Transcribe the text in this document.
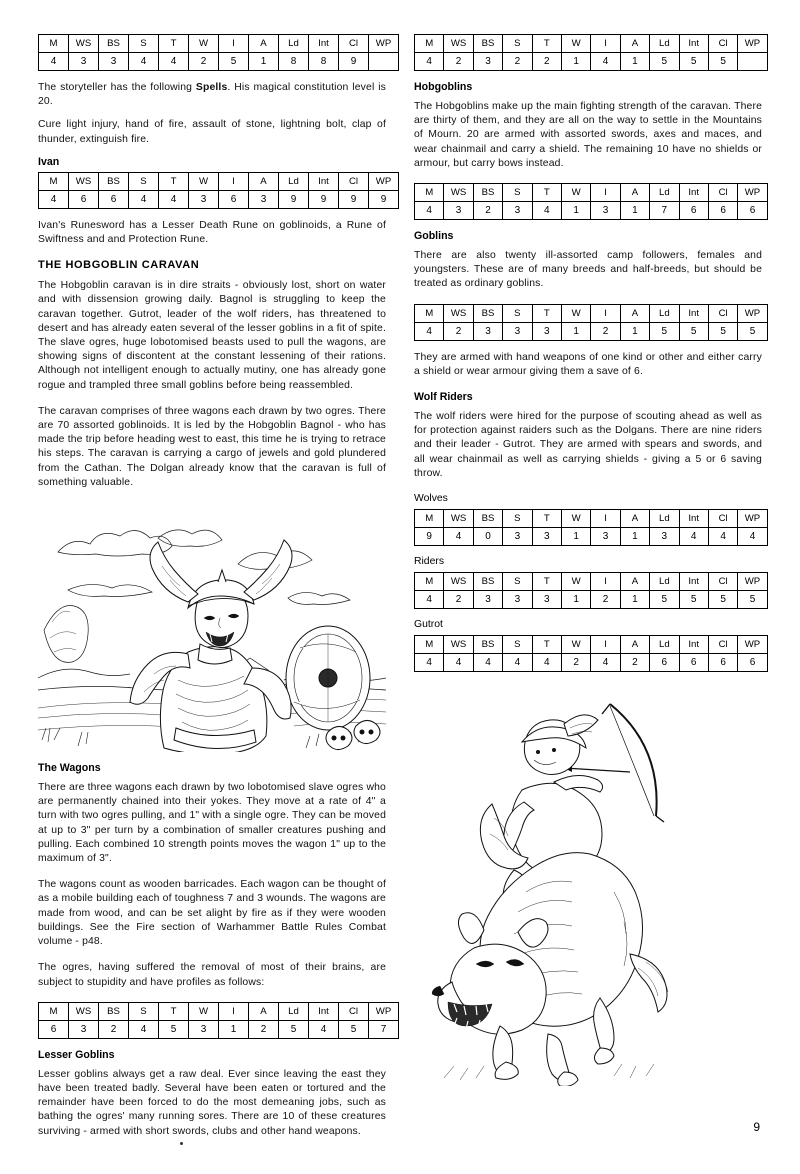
M	WS	BS	S	T	W	I	A	Ld	Int	Cl	WP
4	3	3	4	4	2	5	1	8	8	9	

The storyteller has the following Spells. His magical constitution level is 20.

Cure light injury, hand of fire, assault of stone, lightning bolt, clap of thunder, extinguish fire.

Ivan
M	WS	BS	S	T	W	I	A	Ld	Int	Cl	WP
4	6	6	4	4	3	6	3	9	9	9	9

Ivan's Runesword has a Lesser Death Rune on goblinoids, a Rune of Swiftness and and Protection Rune.

THE HOBGOBLIN CARAVAN

The Hobgoblin caravan is in dire straits - obviously lost, short on water and with dissension growing daily. Bagnol is struggling to keep the caravan together. Gutrot, leader of the wolf riders, has threatened to desert and has already eaten several of the lesser goblins in a fit of spite. The slave ogres, huge lobotomised beasts used to pull the wagons, are showing signs of discontent at the constant lessening of their rations. Although not intelligent enough to actually mutiny, one has already gone rogue and trampled three small goblins before being reassembled.

The caravan comprises of three wagons each drawn by two ogres. There are 70 assorted goblinoids. It is led by the Hobgoblin Bagnol - who has made the trip before heading west to east, this time he is trying to retrace his steps. The caravan is carrying a cargo of jewels and gold plundered from the Cathan. The Dolgan already know that the caravan is full of something valuable.

The Wagons

There are three wagons each drawn by two lobotomised slave ogres who are permanently chained into their yokes. They move at a rate of 4" a turn with two ogres pulling, and 1" with a single ogre. They can be moved at up to 3" per turn by a combination of smaller creatures pushing and pulling. Each combined 10 strength points moves the wagon 1" up to the maximum of 3".

The wagons count as wooden barricades. Each wagon can be thought of as a mobile building each of toughness 7 and 3 wounds. The wagons are made from wood, and can be set alight by fire as if they were wooden buildings. See the Fire section of Warhammer Battle Rules Combat volume - p48.

The ogres, having suffered the removal of most of their brains, are subject to stupidity and have profiles as follows:

M	WS	BS	S	T	W	I	A	Ld	Int	Cl	WP
6	3	2	4	5	3	1	2	5	4	5	7
Lesser Goblins

Lesser goblins always get a raw deal. Ever since leaving the east they have been treated badly. Several have been eaten or tortured and the remainder have been forced to do the most demeaning jobs, such as bathing the ogres' many running sores. There are 10 of these creatures surviving - armed with short swords, clubs and other hand weapons.

M	WS	BS	S	T	W	I	A	Ld	Int	Cl	WP
4	2	3	2	2	1	4	1	5	5	5	
Hobgoblins

The Hobgoblins make up the main fighting strength of the caravan. There are thirty of them, and they are all on the way to settle in the Mountains of Mourn. 20 are armed with assorted swords, axes and maces, and wear chainmail and carry a shield. The remaining 10 have no shields or armour, but carry bows instead.

M	WS	BS	S	T	W	I	A	Ld	Int	Cl	WP
4	3	2	3	4	1	3	1	7	6	6	6
Goblins

There are also twenty ill-assorted camp followers, females and youngsters. These are of many breeds and half-breeds, but should be treated as ordinary goblins.

M	WS	BS	S	T	W	I	A	Ld	Int	Cl	WP
4	2	3	3	3	1	2	1	5	5	5	5

They are armed with hand weapons of one kind or other and either carry a shield or wear armour giving them a save of 6.

Wolf Riders

The wolf riders were hired for the purpose of scouting ahead as well as for protection against raiders such as the Dolgans. There are nine riders and their leader - Gutrot. They are armed with spears and swords, and all wear chainmail as well as carrying shields - giving a 5 or 6 saving throw.

Wolves
M	WS	BS	S	T	W	I	A	Ld	Int	Cl	WP
9	4	0	3	3	1	3	1	3	4	4	4
Riders
M	WS	BS	S	T	W	I	A	Ld	Int	Cl	WP
4	2	3	3	3	1	2	1	5	5	5	5
Gutrot
M	WS	BS	S	T	W	I	A	Ld	Int	Cl	WP
4	4	4	4	4	2	4	2	6	6	6	6
9
